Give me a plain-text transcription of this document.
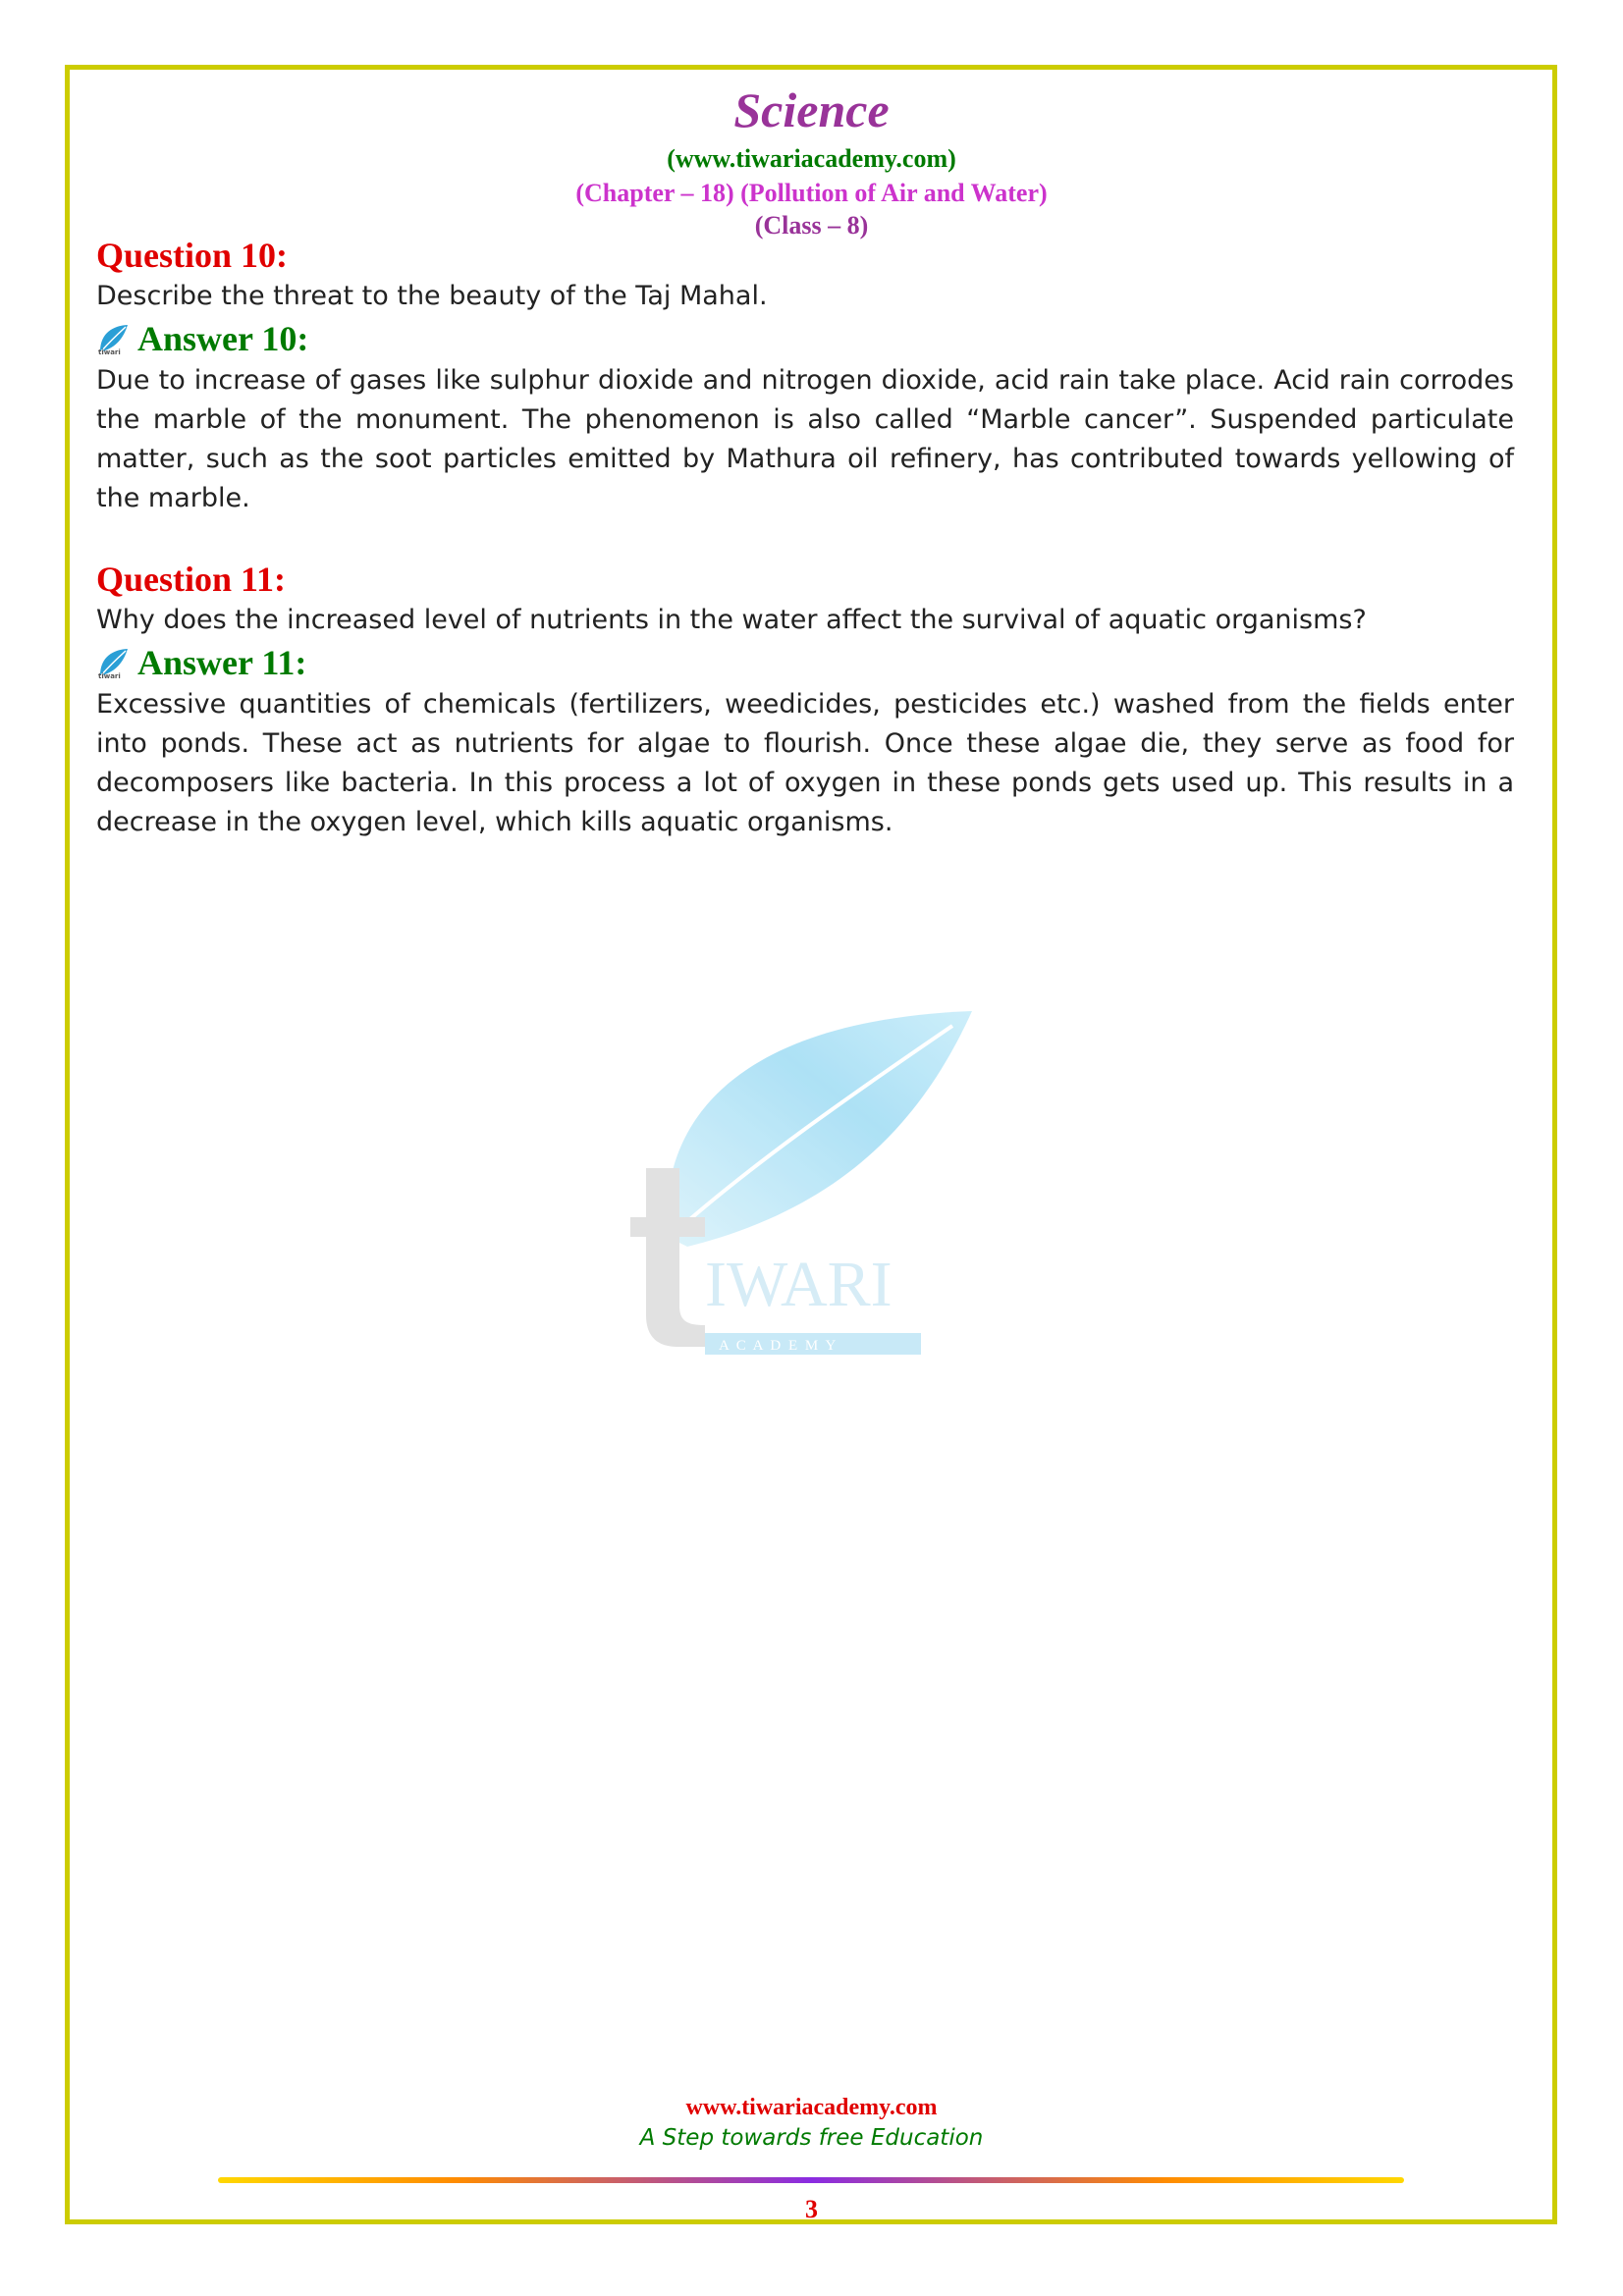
Science
(www.tiwariacademy.com)
(Chapter – 18) (Pollution of Air and Water)
(Class – 8)

Question 10:

Describe the threat to the beauty of the Taj Mahal.

tiwari Answer 10:

Due to increase of gases like sulphur dioxide and nitrogen dioxide, acid rain take place. Acid rain corrodes the marble of the monument. The phenomenon is also called “Marble cancer”. Suspended particulate matter, such as the soot particles emitted by Mathura oil refinery, has contributed towards yellowing of the marble.

Question 11:

Why does the increased level of nutrients in the water affect the survival of aquatic organisms?

tiwari Answer 11:

Excessive quantities of chemicals (fertilizers, weedicides, pesticides etc.) washed from the fields enter into ponds. These act as nutrients for algae to flourish. Once these algae die, they serve as food for decomposers like bacteria. In this process a lot of oxygen in these ponds gets used up. This results in a decrease in the oxygen level, which kills aquatic organisms.

IWARI
A C A D E M Y
www.tiwariacademy.com
A Step towards free Education
3
